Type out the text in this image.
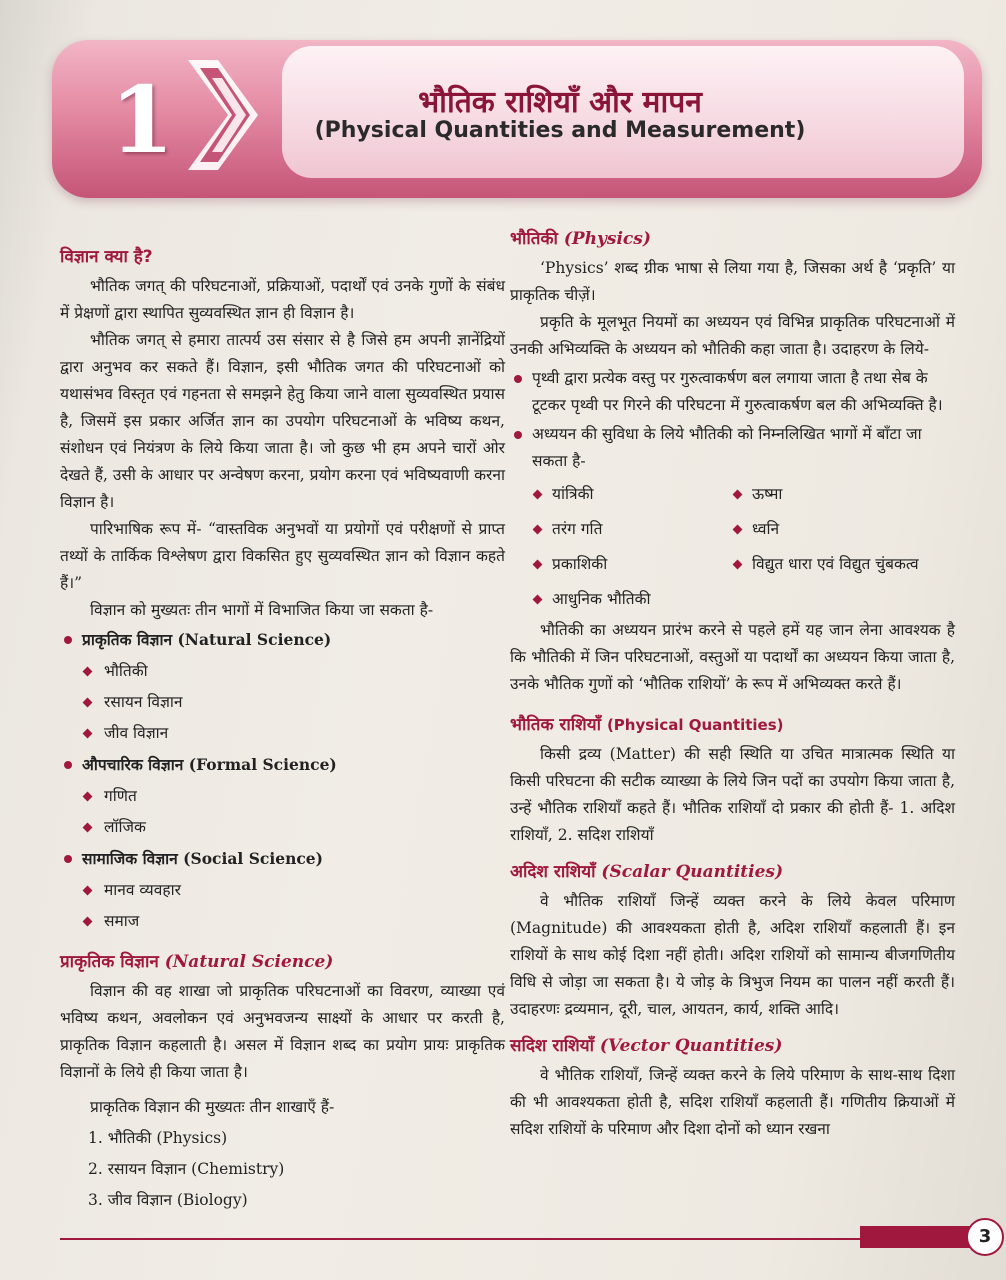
1	भौतिक राशियाँ और मापन
(Physical Quantities and Measurement)
विज्ञान क्या है?

भौतिक जगत् की परिघटनाओं, प्रक्रियाओं, पदार्थों एवं उनके गुणों के संबंध में प्रेक्षणों द्वारा स्थापित सुव्यवस्थित ज्ञान ही विज्ञान है।

भौतिक जगत् से हमारा तात्पर्य उस संसार से है जिसे हम अपनी ज्ञानेंद्रियों द्वारा अनुभव कर सकते हैं। विज्ञान, इसी भौतिक जगत की परिघटनाओं को यथासंभव विस्तृत एवं गहनता से समझने हेतु किया जाने वाला सुव्यवस्थित प्रयास है, जिसमें इस प्रकार अर्जित ज्ञान का उपयोग परिघटनाओं के भविष्य कथन, संशोधन एवं नियंत्रण के लिये किया जाता है। जो कुछ भी हम अपने चारों ओर देखते हैं, उसी के आधार पर अन्वेषण करना, प्रयोग करना एवं भविष्यवाणी करना विज्ञान है।

पारिभाषिक रूप में- “वास्तविक अनुभवों या प्रयोगों एवं परीक्षणों से प्राप्त तथ्यों के तार्किक विश्लेषण द्वारा विकसित हुए सुव्यवस्थित ज्ञान को विज्ञान कहते हैं।”

विज्ञान को मुख्यतः तीन भागों में विभाजित किया जा सकता है-

प्राकृतिक विज्ञान (Natural Science)
भौतिकी
रसायन विज्ञान
जीव विज्ञान
औपचारिक विज्ञान (Formal Science)
गणित
लॉजिक
सामाजिक विज्ञान (Social Science)
मानव व्यवहार
समाज
प्राकृतिक विज्ञान (Natural Science)

विज्ञान की वह शाखा जो प्राकृतिक परिघटनाओं का विवरण, व्याख्या एवं भविष्य कथन, अवलोकन एवं अनुभवजन्य साक्ष्यों के आधार पर करती है, प्राकृतिक विज्ञान कहलाती है। असल में विज्ञान शब्द का प्रयोग प्रायः प्राकृतिक विज्ञानों के लिये ही किया जाता है।

प्राकृतिक विज्ञान की मुख्यतः तीन शाखाएँ हैं-

1. भौतिकी (Physics)
2. रसायन विज्ञान (Chemistry)
3. जीव विज्ञान (Biology)
भौतिकी (Physics)

‘Physics’ शब्द ग्रीक भाषा से लिया गया है, जिसका अर्थ है ‘प्रकृति’ या प्राकृतिक चीज़ें।

प्रकृति के मूलभूत नियमों का अध्ययन एवं विभिन्न प्राकृतिक परिघटनाओं में उनकी अभिव्यक्ति के अध्ययन को भौतिकी कहा जाता है। उदाहरण के लिये-

पृथ्वी द्वारा प्रत्येक वस्तु पर गुरुत्वाकर्षण बल लगाया जाता है तथा सेब के टूटकर पृथ्वी पर गिरने की परिघटना में गुरुत्वाकर्षण बल की अभिव्यक्ति है।
अध्ययन की सुविधा के लिये भौतिकी को निम्नलिखित भागों में बाँटा जा सकता है-
यांत्रिकी	ऊष्मा
तरंग गति	ध्वनि
प्रकाशिकी	विद्युत धारा एवं विद्युत चुंबकत्व
आधुनिक भौतिकी

भौतिकी का अध्ययन प्रारंभ करने से पहले हमें यह जान लेना आवश्यक है कि भौतिकी में जिन परिघटनाओं, वस्तुओं या पदार्थों का अध्ययन किया जाता है, उनके भौतिक गुणों को ‘भौतिक राशियों’ के रूप में अभिव्यक्त करते हैं।

भौतिक राशियाँ (Physical Quantities)

किसी द्रव्य (Matter) की सही स्थिति या उचित मात्रात्मक स्थिति या किसी परिघटना की सटीक व्याख्या के लिये जिन पदों का उपयोग किया जाता है, उन्हें भौतिक राशियाँ कहते हैं। भौतिक राशियाँ दो प्रकार की होती हैं- 1. अदिश राशियाँ, 2. सदिश राशियाँ

अदिश राशियाँ (Scalar Quantities)

वे भौतिक राशियाँ जिन्हें व्यक्त करने के लिये केवल परिमाण (Magnitude) की आवश्यकता होती है, अदिश राशियाँ कहलाती हैं। इन राशियों के साथ कोई दिशा नहीं होती। अदिश राशियों को सामान्य बीजगणितीय विधि से जोड़ा जा सकता है। ये जोड़ के त्रिभुज नियम का पालन नहीं करती हैं। उदाहरणः द्रव्यमान, दूरी, चाल, आयतन, कार्य, शक्ति आदि।

सदिश राशियाँ (Vector Quantities)

वे भौतिक राशियाँ, जिन्हें व्यक्त करने के लिये परिमाण के साथ-साथ दिशा की भी आवश्यकता होती है, सदिश राशियाँ कहलाती हैं। गणितीय क्रियाओं में सदिश राशियों के परिमाण और दिशा दोनों को ध्यान रखना

3
